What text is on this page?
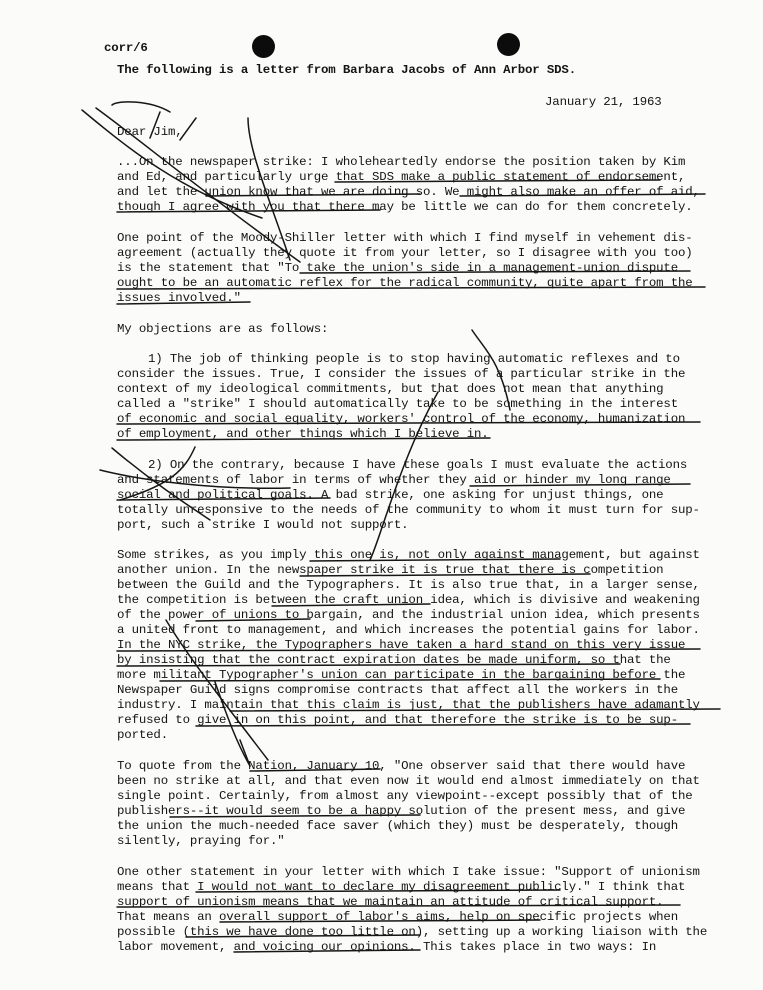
corr/6
The following is a letter from Barbara Jacobs of Ann Arbor SDS.
January 21, 1963
Dear Jim,
...On the newspaper strike: I wholeheartedly endorse the position taken by Kim
and Ed, and particularly urge that SDS make a public statement of endorsement,
and let the union know that we are doing so. We might also make an offer of aid,
though I agree with you that there may be little we can do for them concretely.
One point of the Moody-Shiller letter with which I find myself in vehement dis-
agreement (actually they quote it from your letter, so I disagree with you too)
is the statement that "To take the union's side in a management-union dispute
ought to be an automatic reflex for the radical community, quite apart from the
issues involved."
My objections are as follows:
1) The job of thinking people is to stop having automatic reflexes and to
consider the issues. True, I consider the issues of a particular strike in the
context of my ideological commitments, but that does not mean that anything
called a "strike" I should automatically take to be something in the interest
of economic and social equality, workers' control of the economy, humanization
of employment, and other things which I believe in.
2) On the contrary, because I have these goals I must evaluate the actions
and statements of labor in terms of whether they aid or hinder my long range
social and political goals. A bad strike, one asking for unjust things, one
totally unresponsive to the needs of the community to whom it must turn for sup-
port, such a strike I would not support.
Some strikes, as you imply this one is, not only against management, but against
another union. In the newspaper strike it is true that there is competition
between the Guild and the Typographers. It is also true that, in a larger sense,
the competition is between the craft union idea, which is divisive and weakening
of the power of unions to bargain, and the industrial union idea, which presents
a united front to management, and which increases the potential gains for labor.
In the NYC strike, the Typographers have taken a hard stand on this very issue
by insisting that the contract expiration dates be made uniform, so that the
more militant Typographer's union can participate in the bargaining before the
Newspaper Guild signs compromise contracts that affect all the workers in the
industry. I maintain that this claim is just, that the publishers have adamantly
refused to give in on this point, and that therefore the strike is to be sup-
ported.
To quote from the Nation, January 10, "One observer said that there would have
been no strike at all, and that even now it would end almost immediately on that
single point. Certainly, from almost any viewpoint--except possibly that of the
publishers--it would seem to be a happy solution of the present mess, and give
the union the much-needed face saver (which they) must be desperately, though
silently, praying for."
One other statement in your letter with which I take issue: "Support of unionism
means that I would not want to declare my disagreement publicly." I think that
support of unionism means that we maintain an attitude of critical support.
That means an overall support of labor's aims, help on specific projects when
possible (this we have done too little on), setting up a working liaison with the
labor movement, and voicing our opinions. This takes place in two ways: In
